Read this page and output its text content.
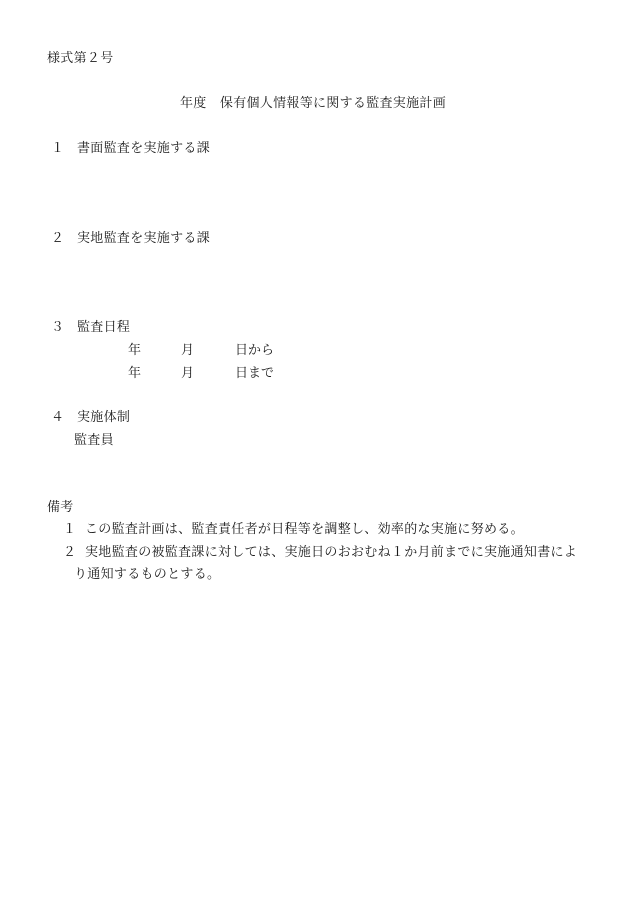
様式第２号
年度　保有個人情報等に関する監査実施計画
１ 書面監査を実施する課
２ 実地監査を実施する課
３ 監査日程
年	月	日から
年	月	日まで
４ 実施体制
監査員
備考
１ この監査計画は、監査責任者が日程等を調整し、効率的な実施に努める。
２ 実地監査の被監査課に対しては、実施日のおおむね１か月前までに実施通知書によ
り通知するものとする。
